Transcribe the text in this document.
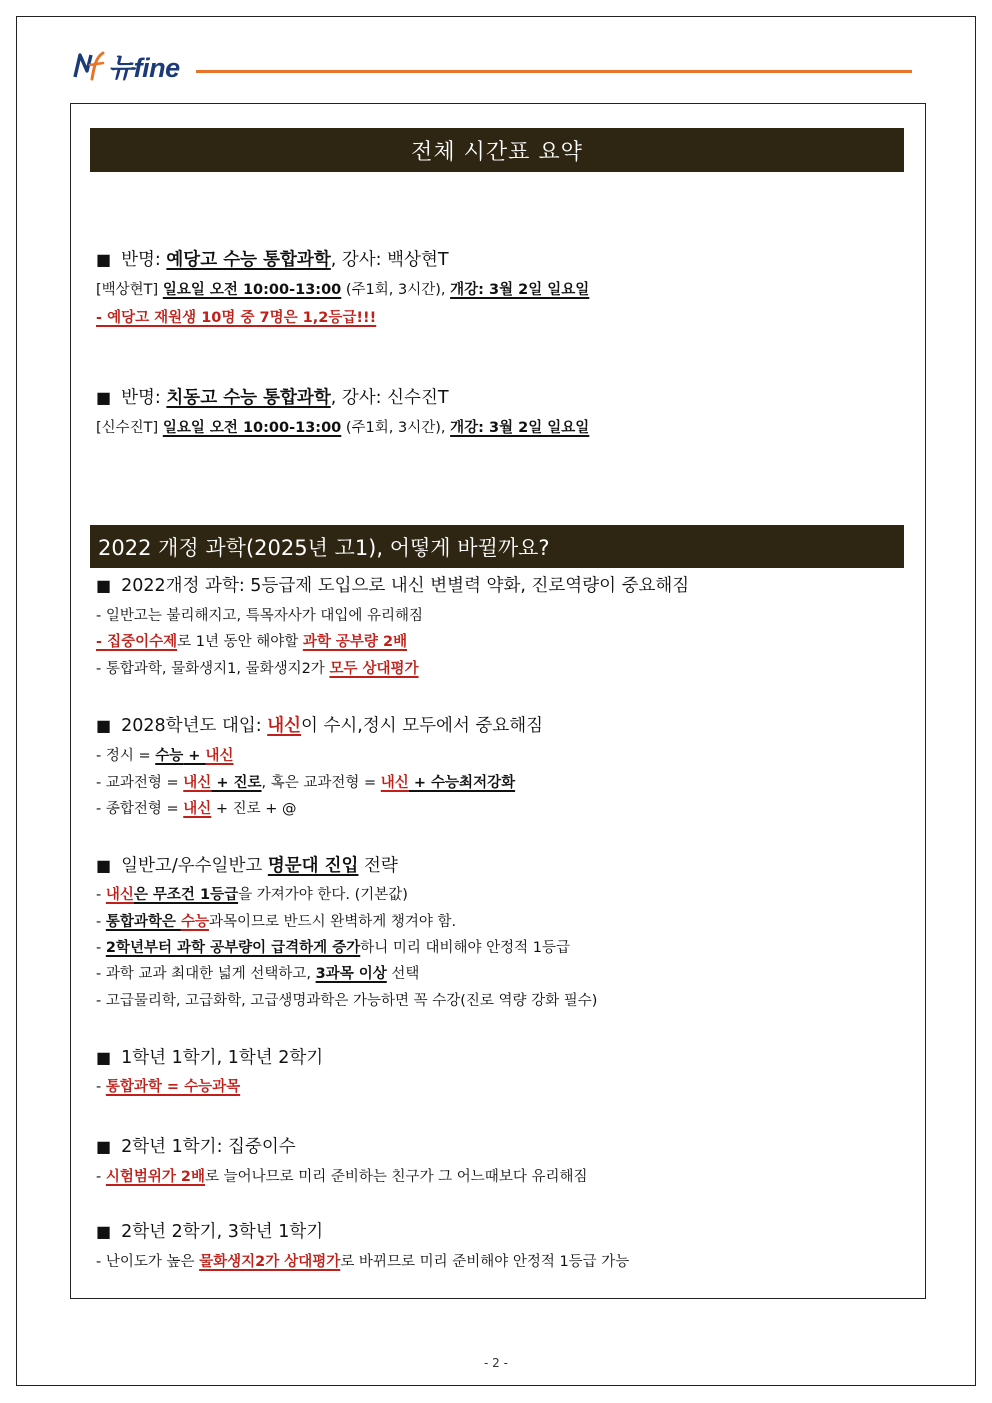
뉴fine
전체 시간표 요약
■ 반명: 예당고 수능 통합과학, 강사: 백상현T
[백상현T] 일요일 오전 10:00-13:00 (주1회, 3시간), 개강: 3월 2일 일요일
- 예당고 재원생 10명 중 7명은 1,2등급!!!
■ 반명: 치동고 수능 통합과학, 강사: 신수진T
[신수진T] 일요일 오전 10:00-13:00 (주1회, 3시간), 개강: 3월 2일 일요일
2022 개정 과학(2025년 고1), 어떻게 바뀔까요?
■ 2022개정 과학: 5등급제 도입으로 내신 변별력 약화, 진로역량이 중요해짐
- 일반고는 불리해지고, 특목자사가 대입에 유리해짐
- 집중이수제로 1년 동안 해야할 과학 공부량 2배
- 통합과학, 물화생지1, 물화생지2가 모두 상대평가
■ 2028학년도 대입: 내신이 수시,정시 모두에서 중요해짐
- 정시 = 수능 + 내신
- 교과전형 = 내신 + 진로, 혹은 교과전형 = 내신 + 수능최저강화
- 종합전형 = 내신 + 진로 + @
■ 일반고/우수일반고 명문대 진입 전략
- 내신은 무조건 1등급을 가져가야 한다. (기본값)
- 통합과학은 수능과목이므로 반드시 완벽하게 챙겨야 함.
- 2학년부터 과학 공부량이 급격하게 증가하니 미리 대비해야 안정적 1등급
- 과학 교과 최대한 넓게 선택하고, 3과목 이상 선택
- 고급물리학, 고급화학, 고급생명과학은 가능하면 꼭 수강(진로 역량 강화 필수)
■ 1학년 1학기, 1학년 2학기
- 통합과학 = 수능과목
■ 2학년 1학기: 집중이수
- 시험범위가 2배로 늘어나므로 미리 준비하는 친구가 그 어느때보다 유리해짐
■ 2학년 2학기, 3학년 1학기
- 난이도가 높은 물화생지2가 상대평가로 바뀌므로 미리 준비해야 안정적 1등급 가능
- 2 -
